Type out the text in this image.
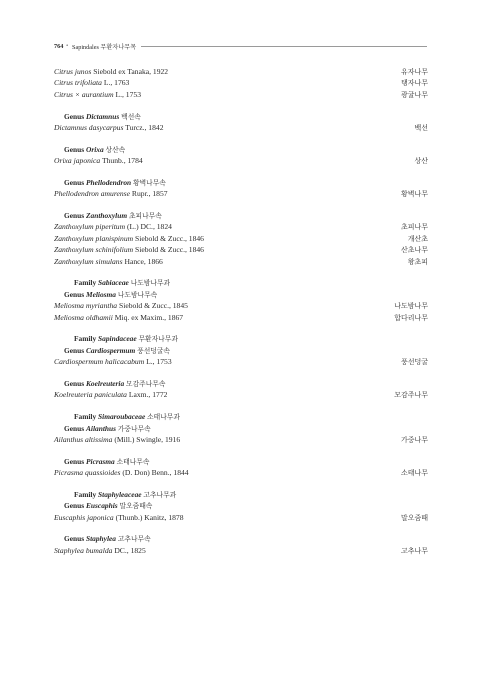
764 • Sapindales 무환자나무목
Citrus junos Siebold ex Tanaka, 1922	유자나무
Citrus trifoliata L., 1763	탱자나무
Citrus × aurantium L., 1753	광귤나무
Genus Dictamnus 백선속
Dictamnus dasycarpus Turcz., 1842	백선
Genus Orixa 상산속
Orixa japonica Thunb., 1784	상산
Genus Phellodendron 황벽나무속
Phellodendron amurense Rupr., 1857	황벽나무
Genus Zanthoxylum 초피나무속
Zanthoxylum piperitum (L.) DC., 1824	초피나무
Zanthoxylum planispinum Siebold & Zucc., 1846	개산초
Zanthoxylum schinifolium Siebold & Zucc., 1846	산초나무
Zanthoxylum simulans Hance, 1866	왕초피
Family Sabiaceae 나도밤나무과
Genus Meliosma 나도밤나무속
Meliosma myriantha Siebold & Zucc., 1845	나도밤나무
Meliosma oldhamii Miq. ex Maxim., 1867	합다리나무
Family Sapindaceae 무환자나무과
Genus Cardiospermum 풍선덩굴속
Cardiospermum halicacabum L., 1753	풍선덩굴
Genus Koelreuteria 모감주나무속
Koelreuteria paniculata Laxm., 1772	모감주나무
Family Simaroubaceae 소태나무과
Genus Ailanthus 가중나무속
Ailanthus altissima (Mill.) Swingle, 1916	가중나무
Genus Picrasma 소태나무속
Picrasma quassioides (D. Don) Benn., 1844	소태나무
Family Staphyleaceae 고추나무과
Genus Euscaphis 말오줌때속
Euscaphis japonica (Thunb.) Kanitz, 1878	말오줌때
Genus Staphylea 고추나무속
Staphylea bumalda DC., 1825	고추나무
